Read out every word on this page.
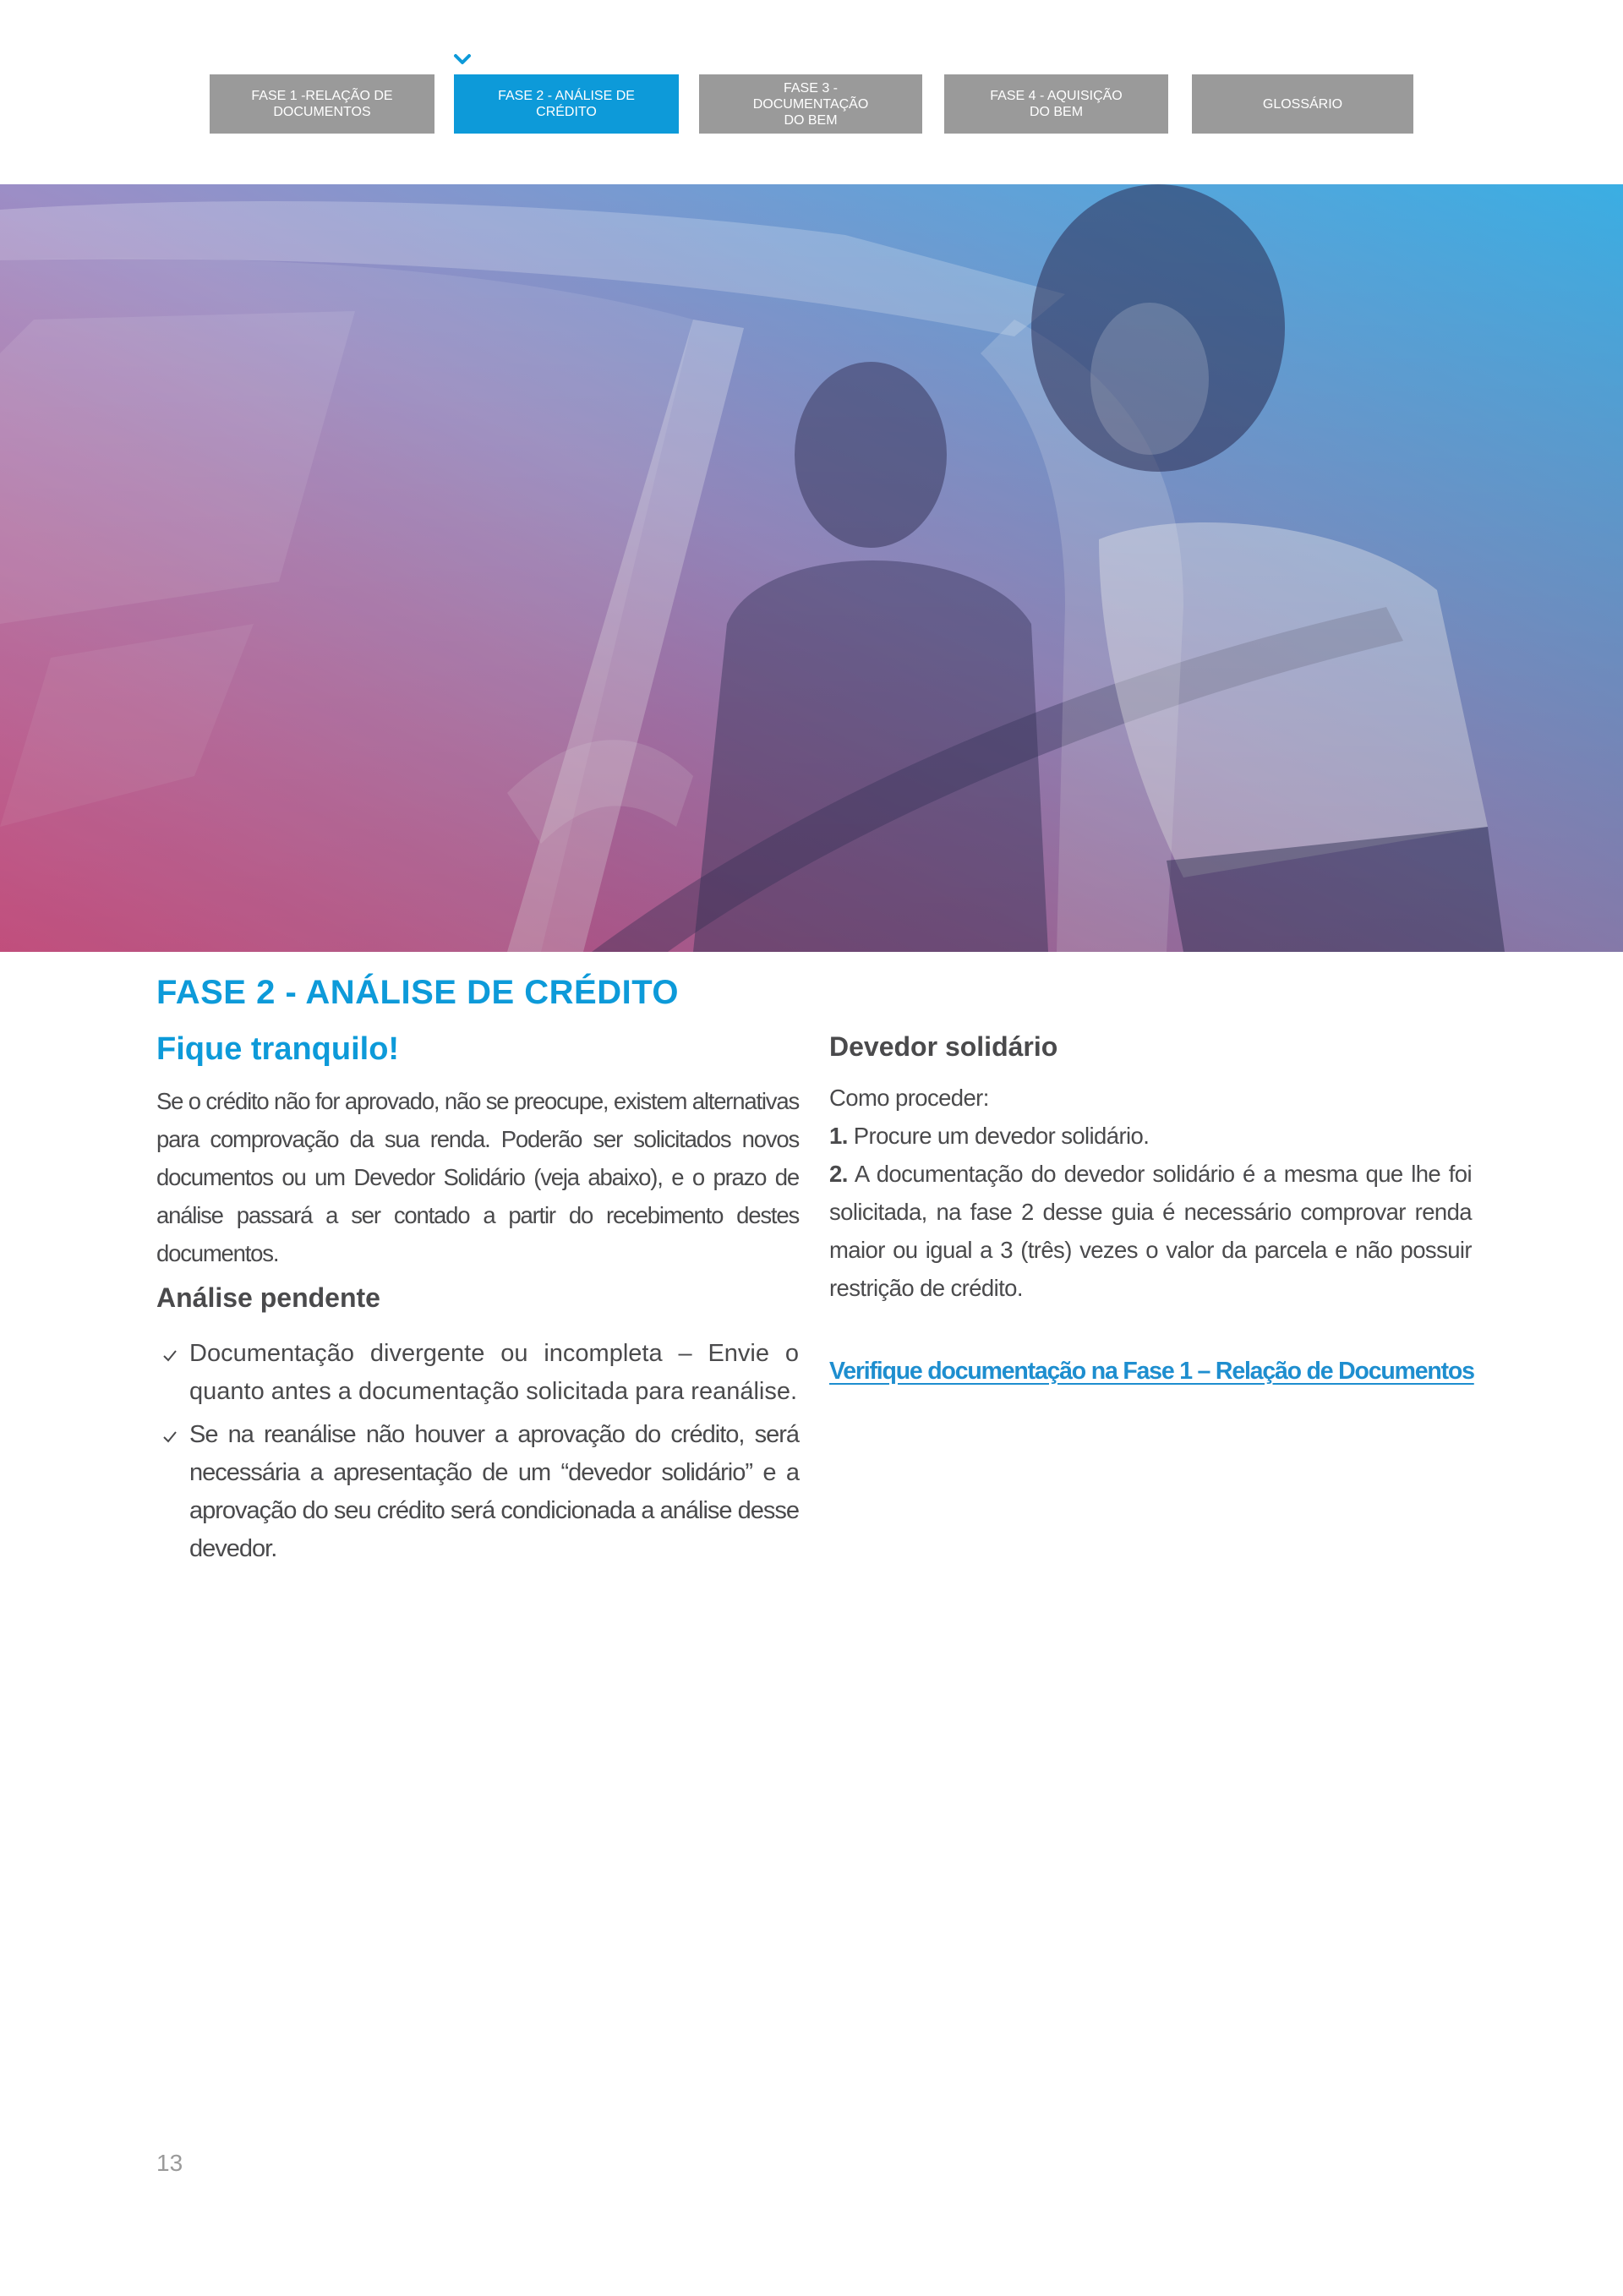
FASE 1 -RELAÇÃO DE
DOCUMENTOS
FASE 2 - ANÁLISE DE
CRÉDITO
FASE 3 - DOCUMENTAÇÃO
DO BEM
FASE 4 - AQUISIÇÃO
DO BEM
GLOSSÁRIO
FASE 2 - ANÁLISE DE CRÉDITO
Fique tranquilo!

Se o crédito não for aprovado, não se preocupe, existem alternativas para comprovação da sua renda. Poderão ser solicitados novos documentos ou um Devedor Solidário (veja abaixo), e o prazo de análise passará a ser contado a partir do recebimento destes documentos.

Análise pendente
Documentação divergente ou incompleta – Envie o quanto antes a documentação solicitada para reanálise.
Se na reanálise não houver a aprovação do crédito, será necessária a apresentação de um “devedor solidário” e a aprovação do seu crédito será condicionada a análise desse devedor.
Devedor solidário

Como proceder:

1. Procure um devedor solidário.

2. A documentação do devedor solidário é a mesma que lhe foi solicitada, na fase 2 desse guia é necessário comprovar renda maior ou igual a 3 (três) vezes o valor da parcela e não possuir restrição de crédito.

Verifique documentação na Fase 1 – Relação de Documentos
13
